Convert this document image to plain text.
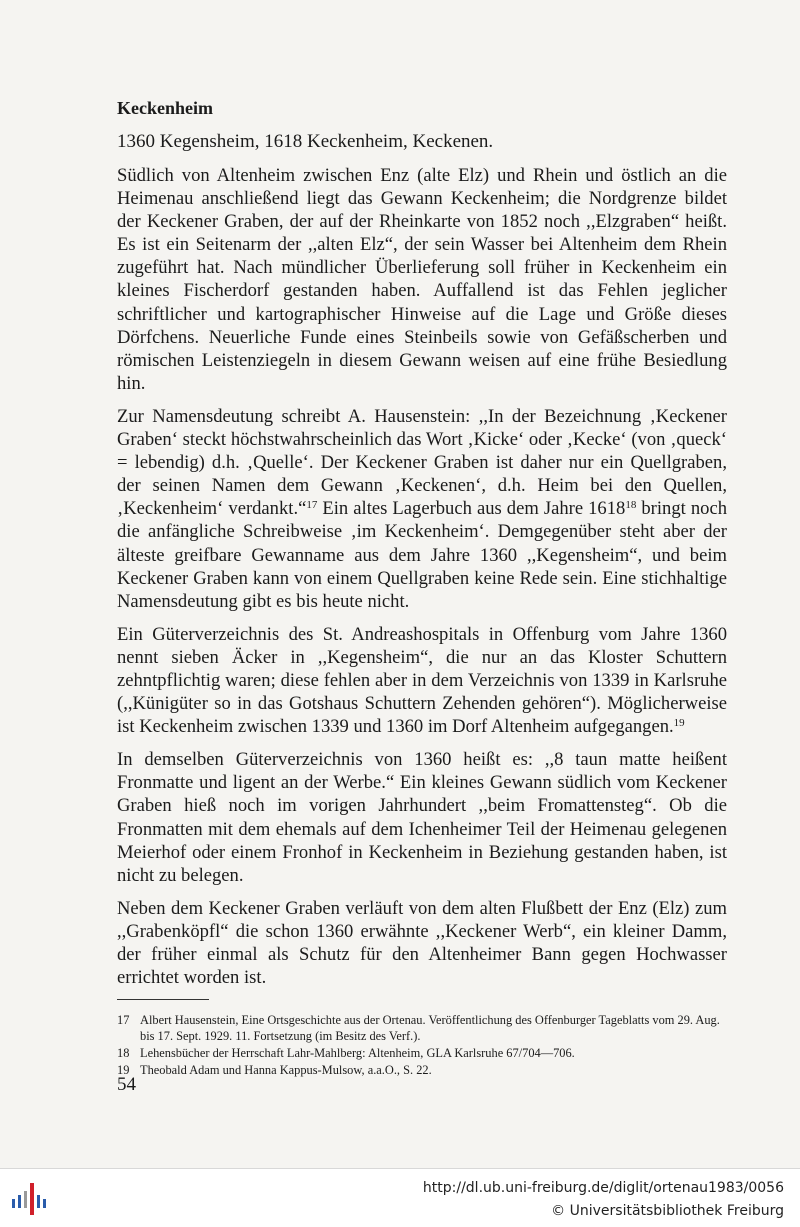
Keckenheim
1360 Kegensheim, 1618 Keckenheim, Keckenen.

Südlich von Altenheim zwischen Enz (alte Elz) und Rhein und östlich an die Heimenau anschließend liegt das Gewann Keckenheim; die Nordgrenze bildet der Keckener Graben, der auf der Rheinkarte von 1852 noch ,,Elzgraben“ heißt. Es ist ein Seitenarm der ,,alten Elz“, der sein Wasser bei Altenheim dem Rhein zugeführt hat. Nach mündlicher Überlieferung soll früher in Keckenheim ein kleines Fischerdorf gestanden haben. Auffallend ist das Fehlen jeglicher schriftlicher und kartographischer Hinweise auf die Lage und Größe dieses Dörfchens. Neuerliche Funde eines Steinbeils sowie von Gefäßscherben und römischen Leistenziegeln in diesem Gewann weisen auf eine frühe Besiedlung hin.

Zur Namensdeutung schreibt A. Hausenstein: ,,In der Bezeichnung ‚Keckener Graben‘ steckt höchstwahrscheinlich das Wort ‚Kicke‘ oder ‚Kecke‘ (von ‚queck‘ = lebendig) d.h. ‚Quelle‘. Der Keckener Graben ist daher nur ein Quellgraben, der seinen Namen dem Gewann ‚Keckenen‘, d.h. Heim bei den Quellen, ‚Keckenheim‘ verdankt.“$^{17}$ Ein altes Lagerbuch aus dem Jahre 1618$^{18}$ bringt noch die anfängliche Schreibweise ‚im Keckenheim‘. Demgegenüber steht aber der älteste greifbare Gewanname aus dem Jahre 1360 ,,Kegensheim“, und beim Keckener Graben kann von einem Quellgraben keine Rede sein. Eine stichhaltige Namensdeutung gibt es bis heute nicht.

Ein Güterverzeichnis des St. Andreashospitals in Offenburg vom Jahre 1360 nennt sieben Äcker in ,,Kegensheim“, die nur an das Kloster Schuttern zehntpflichtig waren; diese fehlen aber in dem Verzeichnis von 1339 in Karlsruhe (,,Künigüter so in das Gotshaus Schuttern Zehenden gehören“). Möglicherweise ist Keckenheim zwischen 1339 und 1360 im Dorf Altenheim aufgegangen.$^{19}$

In demselben Güterverzeichnis von 1360 heißt es: ,,8 taun matte heißent Fronmatte und ligent an der Werbe.“ Ein kleines Gewann südlich vom Keckener Graben hieß noch im vorigen Jahrhundert ,,beim Fromattensteg“. Ob die Fronmatten mit dem ehemals auf dem Ichenheimer Teil der Heimenau gelegenen Meierhof oder einem Fronhof in Keckenheim in Beziehung gestanden haben, ist nicht zu belegen.

Neben dem Keckener Graben verläuft von dem alten Flußbett der Enz (Elz) zum ,,Grabenköpfl“ die schon 1360 erwähnte ,,Keckener Werb“, ein kleiner Damm, der früher einmal als Schutz für den Altenheimer Bann gegen Hochwasser errichtet worden ist.

17 Albert Hausenstein, Eine Ortsgeschichte aus der Ortenau. Veröffentlichung des Offenburger Tageblatts vom 29. Aug. bis 17. Sept. 1929. 11. Fortsetzung (im Besitz des Verf.).
18 Lehensbücher der Herrschaft Lahr-Mahlberg: Altenheim, GLA Karlsruhe 67/704—706.
19 Theobald Adam und Hanna Kappus-Mulsow, a.a.O., S. 22.
54
http://dl.ub.uni-freiburg.de/diglit/ortenau1983/0056
© Universitätsbibliothek Freiburg
